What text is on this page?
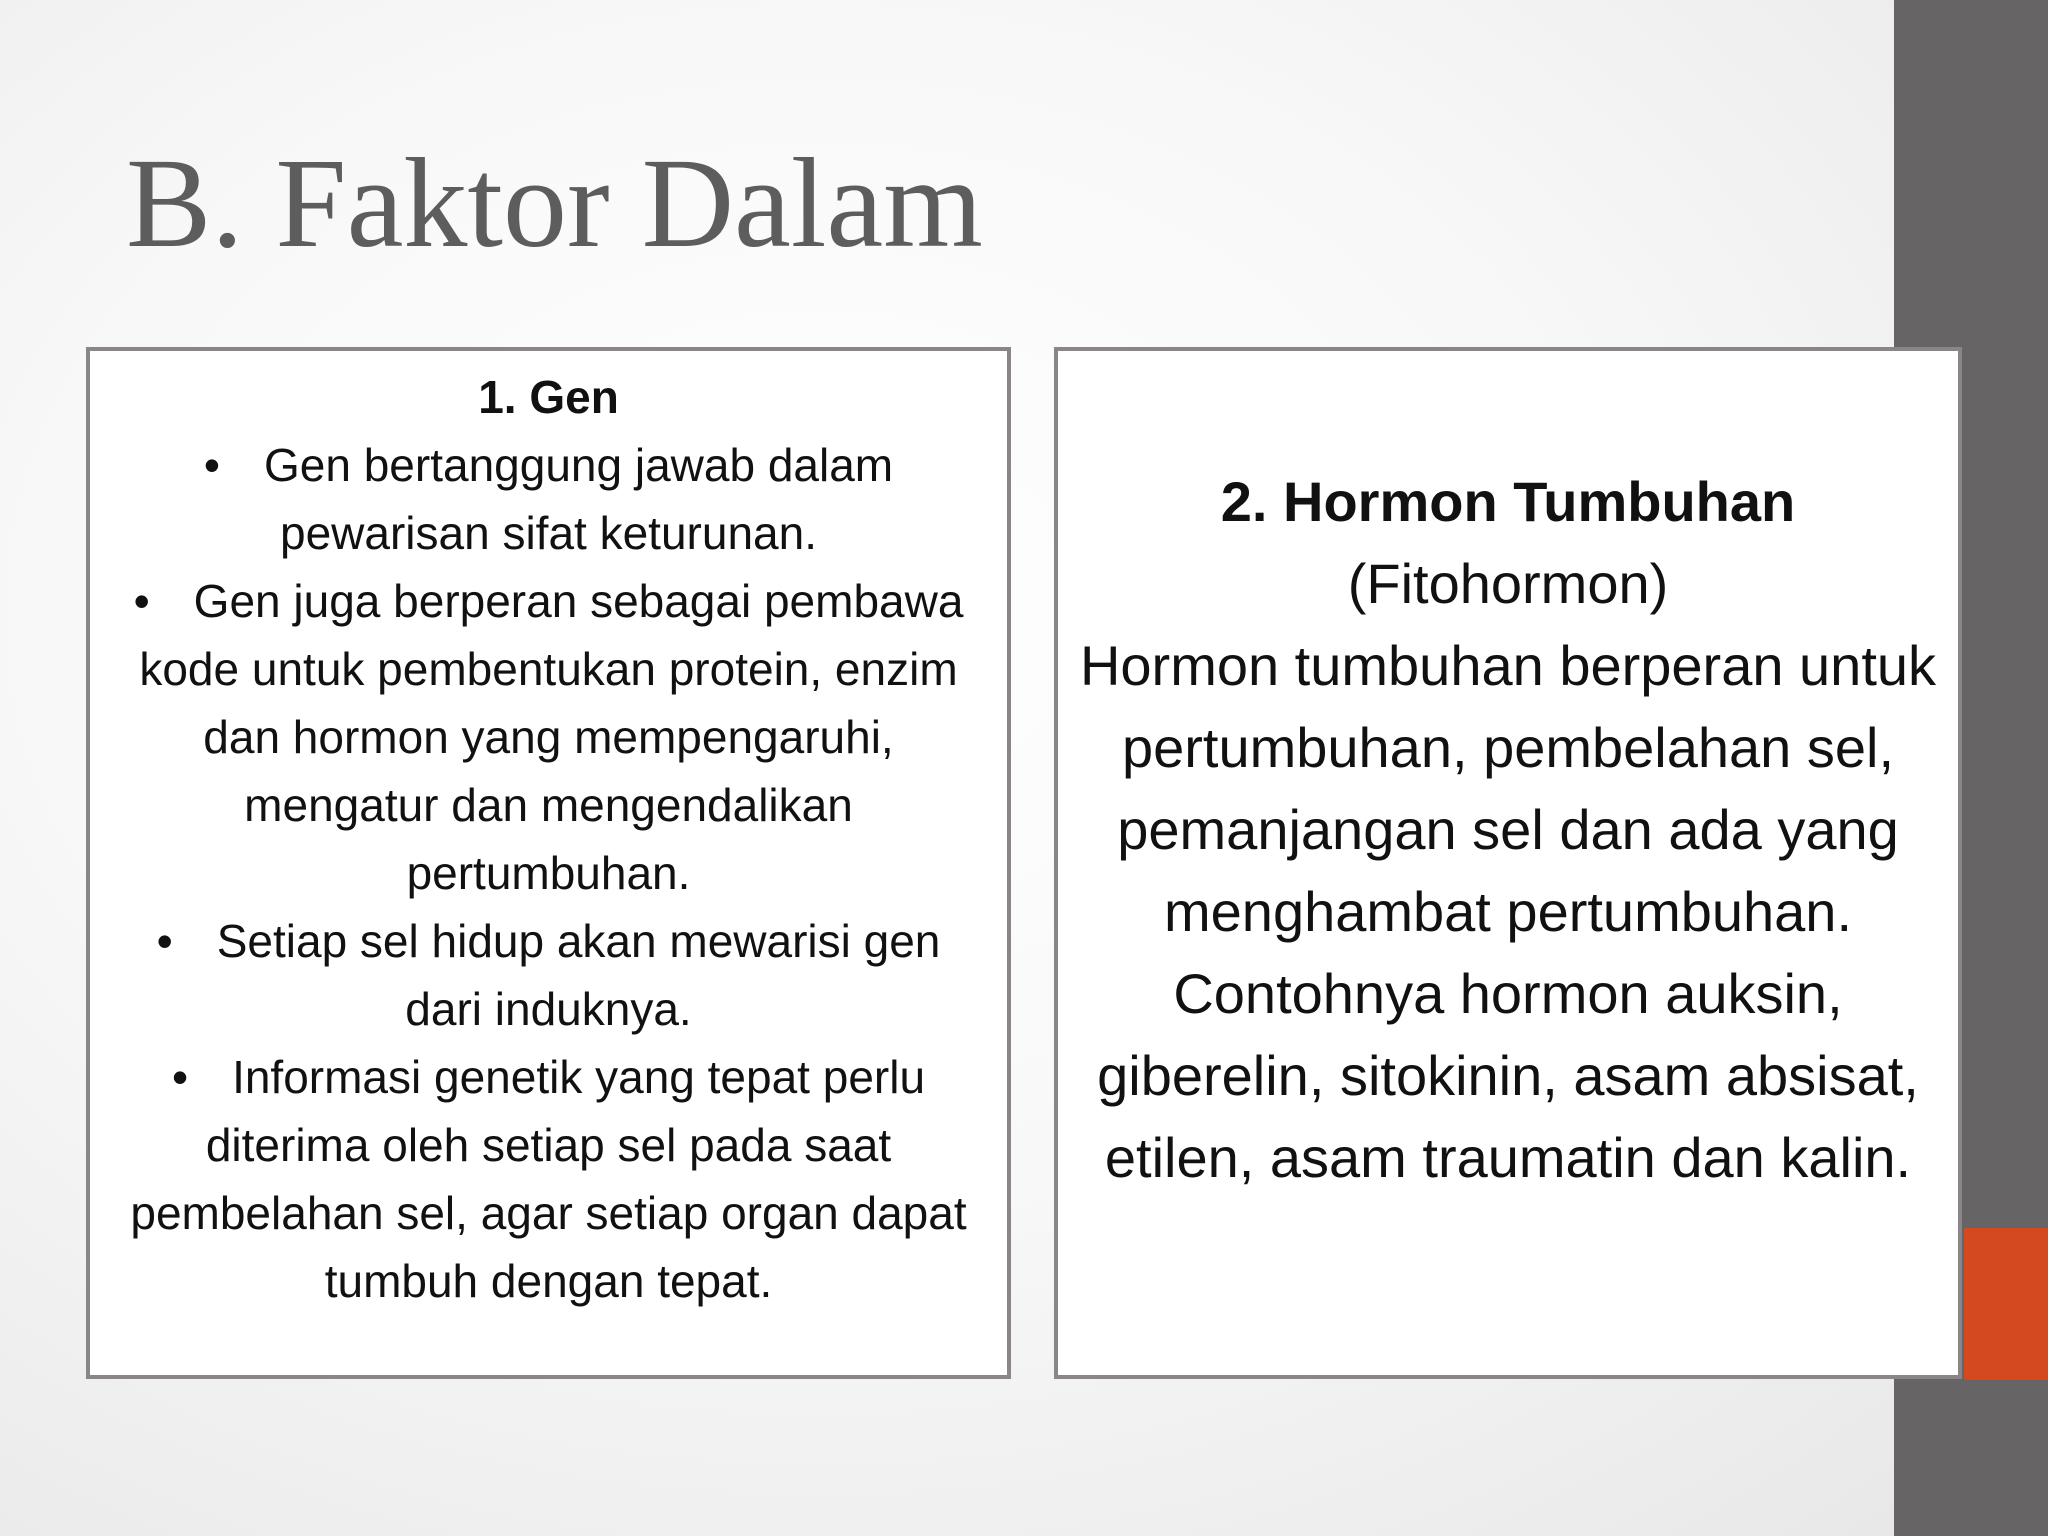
B. Faktor Dalam
1. Gen
• Gen bertanggung jawab dalam pewarisan sifat keturunan.
• Gen juga berperan sebagai pembawa kode untuk pembentukan protein, enzim dan hormon yang mempengaruhi, mengatur dan mengendalikan pertumbuhan.
• Setiap sel hidup akan mewarisi gen dari induknya.
• Informasi genetik yang tepat perlu diterima oleh setiap sel pada saat pembelahan sel, agar setiap organ dapat tumbuh dengan tepat.
2. Hormon Tumbuhan
(Fitohormon)
Hormon tumbuhan berperan untuk pertumbuhan, pembelahan sel, pemanjangan sel dan ada yang menghambat pertumbuhan. Contohnya hormon auksin, giberelin, sitokinin, asam absisat, etilen, asam traumatin dan kalin.
